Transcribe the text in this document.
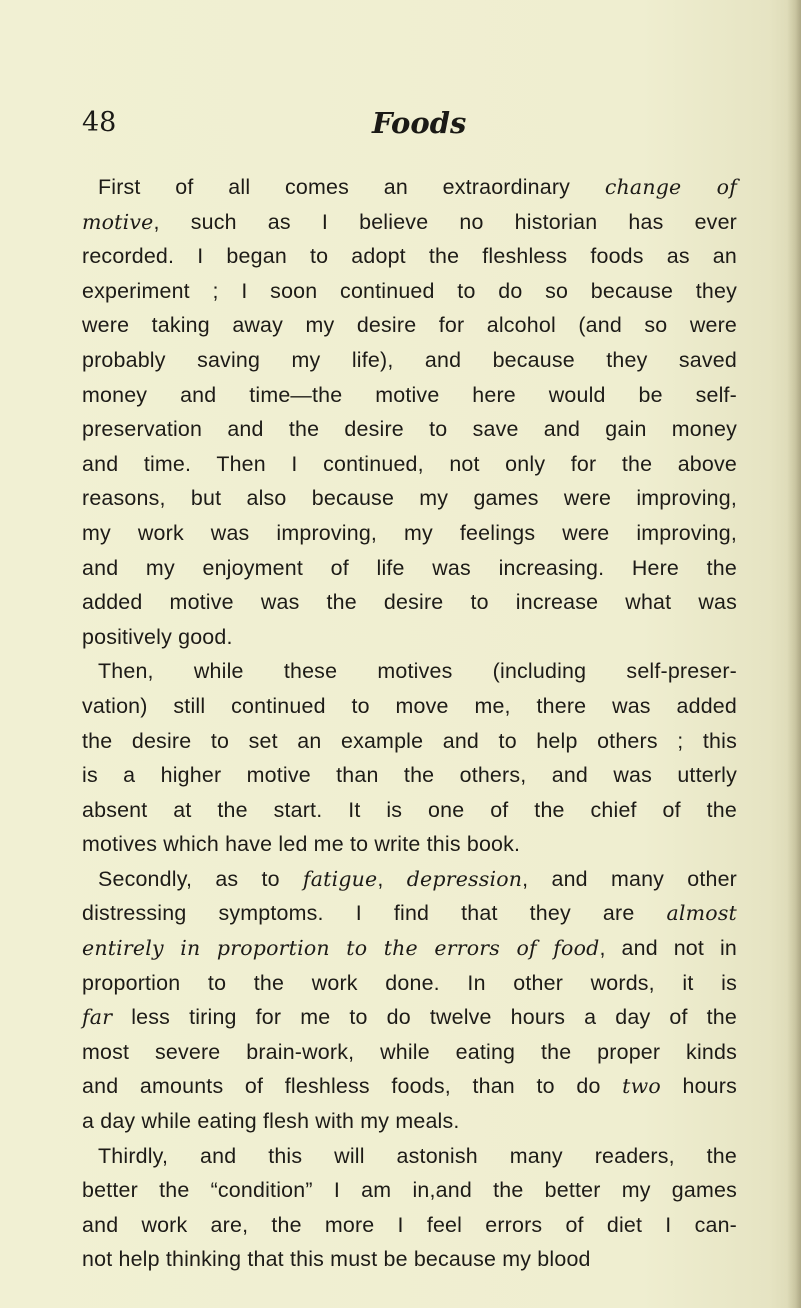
48	Foods

First of all comes an extraordinary change of
motive, such as I believe no historian has ever
recorded. I began to adopt the fleshless foods as an
experiment ; I soon continued to do so because they
were taking away my desire for alcohol (and so were
probably saving my life), and because they saved
money and time—the motive here would be self-
preservation and the desire to save and gain money
and time. Then I continued, not only for the above
reasons, but also because my games were improving,
my work was improving, my feelings were improving,
and my enjoyment of life was increasing. Here the
added motive was the desire to increase what was
positively good.

Then, while these motives (including self-preser-
vation) still continued to move me, there was added
the desire to set an example and to help others ; this
is a higher motive than the others, and was utterly
absent at the start. It is one of the chief of the
motives which have led me to write this book.

Secondly, as to fatigue, depression, and many other
distressing symptoms. I find that they are almost
entirely in proportion to the errors of food, and not in
proportion to the work done. In other words, it is
far less tiring for me to do twelve hours a day of the
most severe brain-work, while eating the proper kinds
and amounts of fleshless foods, than to do two hours
a day while eating flesh with my meals.

Thirdly, and this will astonish many readers, the
better the “condition” I am in,and the better my games
and work are, the more I feel errors of diet I can-
not help thinking that this must be because my blood
